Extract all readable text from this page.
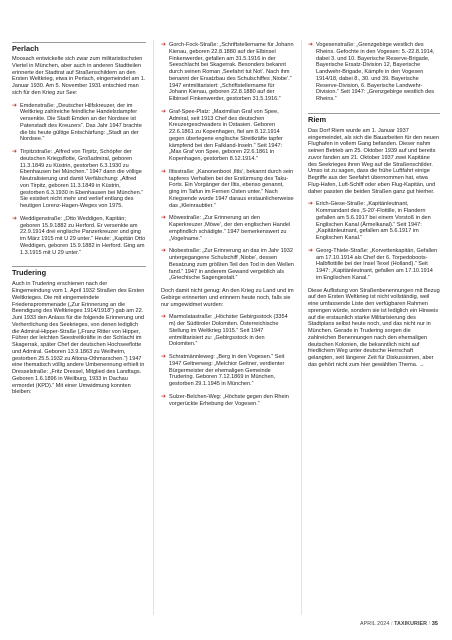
Perlach

Moosach entwickelte sich zwar zum militaristischsten Viertel in München, aber auch in anderen Stadtteilen erinnerte der Stadtrat auf Straßenschildern an den Ersten Weltkrieg, etwa in Perlach, eingemeindet am 1. Januar 1930. Am 5. November 1931 entschied man sich für den Krieg zur See:

➜ Emdenstraße: „Deutscher Hilfskreuzer, der im Weltkrieg zahlreiche feindliche Handelsdampfer versenkte. Die Stadt Emden an der Nordsee ist Patenstadt des Kreuzers“. Das Jahr 1947 brachte die bis heute gültige Entschärfung: „Stadt an der Nordsee.“
➜ Tirpitzstraße: „Alfred von Tirpitz, Schöpfer der deutschen Kriegsflotte, Großadmiral, geboren 11.3.1849 zu Küstrin, gestorben 6.3.1930 zu Ebenhausen bei München.“ 1947 dann die völlige Neutralisierung und damit Verfälschung: „Alfred von Tirpitz, geboren 11.3.1849 in Küstrin, gestorben 6.3.1930 in Ebenhausen bei München.“ Sie existiert nicht mehr und verlief entlang des heutigen Lorenz-Hagen-Weges von 1975.
➜ Weddigenstraße: „Otto Weddigen, Kapitän; geboren 15.9.1882 zu Herford. Er versenkte am 22.9.1914 drei englische Panzerkreuzer und ging im März 1915 mit U 29 unter.“ Heute: „Kapitän Otto Weddigen, geboren 15.9.1882 in Herford. Ging am 1.3.1915 mit U 29 unter.“
Trudering

Auch in Trudering erschienen nach der Eingemeindung vom 1. April 1932 Straßen des Ersten Weltkrieges. Die mit eingemeindete Friedensprommenade („Zur Erinnerung an die Beendigung des Weltkrieges 1914/1918“) gab am 22. Juni 1933 den Anlass für die folgende Erinnerung und Verherrlichung des Seekrieges, von denen lediglich die Admiral-Hipper-Straße („Franz Ritter von Hipper, Führer der leichten Seestreitkräfte in der Schlacht im Skagerrak, später Chef der deutschen Hochseeflotte und Admiral. Geboren 13.9.1863 zu Weilheim, gestorben 25.5.1932 zu Altona-Othmarschen.“) 1947 eine thematisch völlig andere Umbenennung erhielt in Dresselstraße: „Fritz Dressel, Mitglied des Landtags. Geboren 1.6.1896 in Weilburg, 1933 in Dachau ermordet (KPD).“ Mit einer Umwidmung konnten bleiben:

➜ Gorch-Fock-Straße: „Schriftstellername für Johann Kienau, geboren 22.8.1880 auf der Elbinsel Finkenwerder, gefallen am 31.5.1916 in der Seeschlacht bei Skagerrak. Besonders bekannt durch seinen Roman ‚Seefahrt tut Not‘. Nach ihm benannt der Ersatzbau des Schulschiffes ‚Niobe‘.“ 1947 entmilitarisiert: „Schriftstellername für Johann Kienau, geboren 22.8.1880 auf der Elbinsel Finkenwerder, gestorben 31.5.1916.“
➜ Graf-Spee-Platz: „Maximilian Graf von Spee, Admiral, seit 1913 Chef des deutschen Kreuzergeschwaders in Ostasien. Geboren 22.6.1861 zu Kopenhagen, fiel am 8.12.1914 gegen überlegene englische Streitkräfte tapfer kämpfend bei den Falkland-Inseln.“ Seit 1947: „Max Graf von Spee, geboren 22.6.1861 in Kopenhagen, gestorben 8.12.1914.“
➜ Iltisstraße: „Kanonenboot ‚Iltis‘, bekannt durch sein tapferes Verhalten bei der Erstürmung des Taku-Forts. Ein Vorgänger der Iltis, ebenso genannt, ging im Taifun im Fernen Osten unter.“ Nach Kriegsende wurde 1947 daraus erstaunlicherweise das „Kleinraubtier.“
➜ Möwestraße: „Zur Erinnerung an den Kaperkreuzer ‚Möwe‘, der den englischen Handel empfindlich schädigte.“ 1947 bemerkenswert zu „Vogelname.“
➜ Niobestraße: „Zur Erinnerung an das im Jahr 1932 untergegangene Schulschiff ‚Niobe‘, dessen Besatzung zum größten Teil den Tod in den Wellen fand.“ 1947 in anderem Gewand vergeblich als „Griechische Sagengestalt.“

Doch damit nicht genug: An den Krieg zu Land und im Gebirge erinnerten und erinnern heute noch, falls sie nur umgewidmet wurden:

➜ Marmolatastraße: „Höchster Gebirgsstock (3354 m) der Südtiroler Dolomiten. Österreichische Stellung im Weltkrieg 1915.“ Seit 1947 entmilitarisiert zu: „Gebirgsstock in den Dolomiten.“
➜ Schratmännleweg: „Berg in den Vogesen.“ Seit 1947 Geltnerweg: „Melchior Geltner, verdienter Bürgermeister der ehemaligen Gemeinde Trudering. Geboren 7.12.1869 in München, gestorben 29.1.1945 in München.“
➜ Sulzer-Belchen-Weg: „Höchste gegen den Rhein vorgerückte Erhebung der Vogesen.“
➜ Vogesenstraße: „Grenzgebirge westlich des Rheins. Gefochte in den Vogesen: 5.-22.8.1914, dabei 3. und 10. Bayerische Reserve-Brigade, Bayerische Ersatz-Division 12, Bayerische Landwehr-Brigade, Kämpfe in den Vogesen 1914/18, dabei 8., 30. und 39. Bayerische Reserve-Division, 6. Bayerische Landwehr-Division.“ Seit 1947: „Grenzgebirge westlich des Rheins.“
Riem

Das Dorf Riem wurde am 1. Januar 1937 eingemeindet, als sich die Bauarbeiten für den neuen Flughafen in vollem Gang befanden. Dieser nahm seinen Betrieb am 25. Oktober 1939 auf und bereits zuvor fanden am 21. Oktober 1937 zwei Kapitäne des Seekrieges ihren Weg auf die Straßenschilder. Umso ist zu sagen, dass die frühe Luftfahrt einige Begriffe aus der Seefahrt übernommen hat, etwa Flug-Hafen, Luft-Schiff oder eben Flug-Kapitän, und daher passten die beiden Straßen ganz gut hierher.

➜ Erich-Giese-Straße: „Kapitänleutnant, Kommandant des ‚S-20‘-Flottille, in Flandern gefallen am 5.6.1917 bei einem Vorstoß in den Englischen Kanal (Ärmelkanal).“ Seit 1947: „Kapitänleutnant, gefallen am 5.6.1917 im Englischen Kanal.“
➜ Georg-Thiele-Straße: „Korvettenkapitän, Gefallen am 17.10.1914 als Chef der 6. Torpedoboots-Halbflottille bei der Insel Texel (Holland).“ Seit 1947: „Kapitänleutnant, gefallen am 17.10.1914 im Englischen Kanal.“

Diese Auflistung von Straßenbenennungen mit Bezug auf den Ersten Weltkrieg ist nicht vollständig, weil eine umfassende Liste den verfügbaren Rahmen sprengen würde, sondern sie ist lediglich ein Hinweis auf die erstaunlich starke Militarisierung des Stadtplans selbst heute noch, und das nicht nur in München. Gerade in Trudering sorgen die zahlreichen Benennungen nach den ehemaligen deutschen Kolonien, die bekanntlich nicht auf friedlichem Weg unter deutsche Herrschaft gelangten, seit längerer Zeit für Diskussionen, aber das gehört nicht zum hier gewählten Thema. →

APRIL 2024 / TAXIKURIER / 35
